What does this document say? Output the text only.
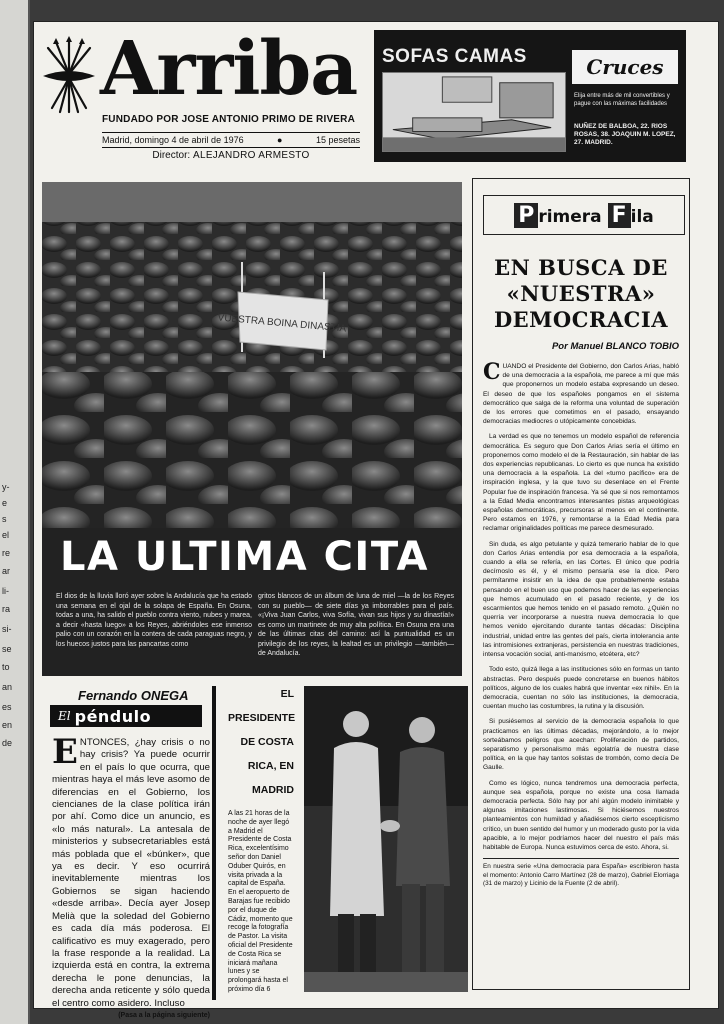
y-
e
s
el
re
ar
li-
ra
si-
se
to
an
es
en
de
Arriba
FUNDADO POR JOSE ANTONIO PRIMO DE RIVERA
Madrid, domingo 4 de abril de 1976	●	15 pesetas
Director: ALEJANDRO ARMESTO
SOFAS CAMAS	Cruces
Elija entre más de mil convertibles y pague con las máximas facilidades
NUÑEZ DE BALBOA, 22. RIOS ROSAS, 38. JOAQUIN M. LOPEZ, 27. MADRID.
VUESTRA BOINA DINASTIA
LA ULTIMA CITA
El dios de la lluvia lloró ayer sobre la Andalucía que ha estado una semana en el ojal de la solapa de España. En Osuna, todas a una, ha salido el pueblo contra viento, nubes y marea, a decir «hasta luego» a los Reyes, abriéndoles ese inmenso palio con un corazón en la contera de cada paraguas negro, y los huecos justos para las pancartas como
gritos blancos de un álbum de luna de miel —la de los Reyes con su pueblo— de siete días ya imborrables para el país. «¡Viva Juan Carlos, viva Sofía, vivan sus hijos y su dinastía!» es como un martinete de muy alta política. En Osuna era una de las últimas citas del camino: así la puntualidad es un privilegio de los reyes, la lealtad es un privilegio —también— de Andalucía.
P rimera F ila
EN BUSCA DE «NUESTRA» DEMOCRACIA
Por Manuel BLANCO TOBIO

CUANDO el Presidente del Gobierno, don Carlos Arias, habló de una democracia a la española, me parece a mí que más que proponernos un modelo estaba expresando un deseo. El deseo de que los españoles pongamos en el sistema democrático que salga de la reforma una voluntad de superación de los errores que cometimos en el pasado, ensayando democracias mediocres o utópicamente concebidas.

La verdad es que no tenemos un modelo español de referencia democrática. Es seguro que Don Carlos Arias sería el último en proponernos como modelo el de la Restauración, sin hablar de las dos experiencias republicanas. Lo cierto es que nunca ha existido una democracia a la española. La del «turno pacífico» era de inspiración inglesa, y la que tuvo su desenlace en el Frente Popular fue de inspiración francesa. Ya sé que si nos remontamos a la Edad Media encontramos interesantes pistas arqueológicas españolas democráticas, precursoras al menos en el continente. Pero estamos en 1976, y remontarse a la Edad Media para reclamar originalidades políticas me parece desmesurado.

Sin duda, es algo petulante y quizá temerario hablar de lo que don Carlos Arias entendía por esa democracia a la española, cuando a ella se refería, en las Cortes. El único que podría decírnoslo es él, y el mismo pensaría ese la dice. Pero permítanme insistir en la idea de que probablemente estaba pensando en el buen uso que podemos hacer de las experiencias que hemos acumulado en el pasado reciente, y de los escarmientos que hemos tenido en el pasado remoto. ¿Quién no querría ver incorporarse a nuestra nueva democracia lo que hemos venido ejercitando durante tantas décadas: Disciplina industrial, unidad entre las gentes del país, cierta intolerancia ante las intromisiones extranjeras, persistencia en nuestras tradiciones, intensa vocación social, anti-marxismo, etcétera, etc?

Todo esto, quizá llega a las instituciones sólo en formas un tanto abstractas. Pero después puede concretarse en buenos hábitos políticos, alguno de los cuales habrá que inventar «ex nihil». En la democracia, cuentan no sólo las instituciones, la democracia, cuentan mucho las costumbres, la rutina y la discusión.

Si pusiésemos al servicio de la democracia española lo que practicamos en las últimas décadas, mejorándolo, a lo mejor sorteábamos peligros que acechan: Proliferación de partidos, separatismo y personalismo más egolatría de nuestra clase política, en la que hay tantos solistas de trombón, como decía De Gaulle.

Como es lógico, nunca tendremos una democracia perfecta, aunque sea española, porque no existe una cosa llamada democracia perfecta. Sólo hay por ahí algún modelo inimitable y algunas imitaciones lastimosas. Si hiciésemos nuestros planteamientos con humildad y añadiésemos cierto escepticismo crítico, un buen sentido del humor y un moderado gusto por la vida apacible, a lo mejor podríamos hacer del nuestro el país más habitable de Europa. Nunca estuvimos cerca de esto. Ahora, si.

En nuestra serie «Una democracia para España» escribieron hasta el momento: Antonio Carro Martínez (28 de marzo), Gabriel Elorriaga (31 de marzo) y Licinio de la Fuente (2 de abril).
Fernando ONEGA
El péndulo
ENTONCES, ¿hay crisis o no hay crisis? Ya puede ocurrir en el país lo que ocurra, que mientras haya el más leve asomo de diferencias en el Gobierno, los ciencianes de la clase política irán por ahí. Como dice un anuncio, es «lo más natural». La antesala de ministerios y subsecretariables está más poblada que el «búnker», que ya es decir. Y eso ocurrirá inevitablemente mientras los Gobiernos se sigan haciendo «desde arriba». Decía ayer Josep Melià que la soledad del Gobierno es cada día más poderosa. El calificativo es muy exagerado, pero la frase responde a la realidad. La izquierda está en contra, la extrema derecha le pone denuncias, la derecha anda reticente y sólo queda el centro como asidero. Incluso
(Pasa a la página siguiente)
EL PRESIDENTE DE COSTA RICA, EN MADRID
A las 21 horas de la noche de ayer llegó a Madrid el Presidente de Costa Rica, excelentísimo señor don Daniel Oduber Quirós, en visita privada a la capital de España. En el aeropuerto de Barajas fue recibido por el duque de Cádiz, momento que recoge la fotografía de Pastor. La visita oficial del Presidente de Costa Rica se iniciará mañana lunes y se prolongará hasta el próximo día 6
